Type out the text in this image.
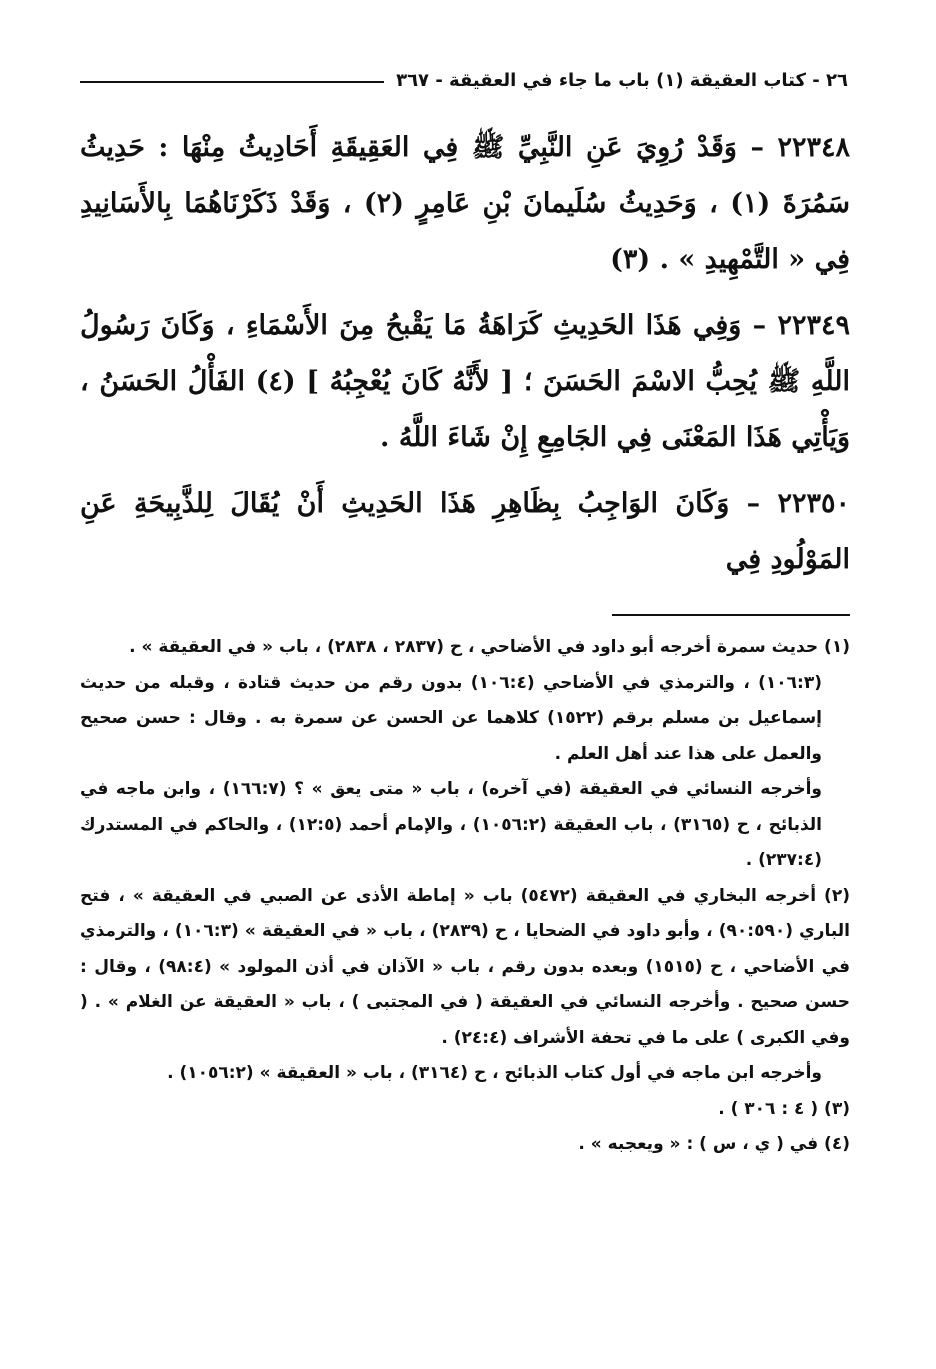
٢٦ - كتاب العقيقة (١) باب ما جاء في العقيقة - ٣٦٧

٢٢٣٤٨ – وَقَدْ رُوِيَ عَنِ النَّبِيِّ ﷺ فِي العَقِيقَةِ أَحَادِيثُ مِنْهَا : حَدِيثُ سَمُرَةَ (١) ، وَحَدِيثُ سُلَيمانَ بْنِ عَامِرٍ (٢) ، وَقَدْ ذَكَرْنَاهُمَا بِالأَسَانِيدِ فِي « التَّمْهِيدِ » . (٣)

٢٢٣٤٩ – وَفِي هَذَا الحَدِيثِ كَرَاهَةُ مَا يَقْبحُ مِنَ الأَسْمَاءِ ، وَكَانَ رَسُولُ اللَّهِ ﷺ يُحِبُّ الاسْمَ الحَسَنَ ؛ [ لأَنَّهُ كَانَ يُعْجِبُهُ ] (٤) الفَأْلُ الحَسَنُ ، وَيَأْتِي هَذَا المَعْنَى فِي الجَامِعِ إِنْ شَاءَ اللَّهُ .

٢٢٣٥٠ – وَكَانَ الوَاجِبُ بِظَاهِرِ هَذَا الحَدِيثِ أَنْ يُقَالَ لِلذَّبِيحَةِ عَنِ المَوْلُودِ فِي

(١) حديث سمرة أخرجه أبو داود في الأضاحي ، ح (٢٨٣٧ ، ٢٨٣٨) ، باب « في العقيقة » .

(١٠٦:٣) ، والترمذي في الأضاحي (١٠٦:٤) بدون رقم من حديث قتادة ، وقبله من حديث إسماعيل بن مسلم برقم (١٥٢٢) كلاهما عن الحسن عن سمرة به . وقال : حسن صحيح والعمل على هذا عند أهل العلم .

وأخرجه النسائي في العقيقة (في آخره) ، باب « متى يعق » ؟ (١٦٦:٧) ، وابن ماجه في الذبائح ، ح (٣١٦٥) ، باب العقيقة (١٠٥٦:٢) ، والإمام أحمد (١٢:٥) ، والحاكم في المستدرك (٢٣٧:٤) .

(٢) أخرجه البخاري في العقيقة (٥٤٧٢) باب « إماطة الأذى عن الصبي في العقيقة » ، فتح الباري (٩٠:٥٩٠) ، وأبو داود في الضحايا ، ح (٢٨٣٩) ، باب « في العقيقة » (١٠٦:٣) ، والترمذي في الأضاحي ، ح (١٥١٥) وبعده بدون رقم ، باب « الآذان في أذن المولود » (٩٨:٤) ، وقال : حسن صحيح . وأخرجه النسائي في العقيقة ( في المجتبى ) ، باب « العقيقة عن الغلام » . ( وفي الكبرى ) على ما في تحفة الأشراف (٢٤:٤) .

وأخرجه ابن ماجه في أول كتاب الذبائح ، ح (٣١٦٤) ، باب « العقيقة » (١٠٥٦:٢) .

(٣) ( ٤ : ٣٠٦ ) .

(٤) في ( ي ، س ) : « ويعجبه » .
